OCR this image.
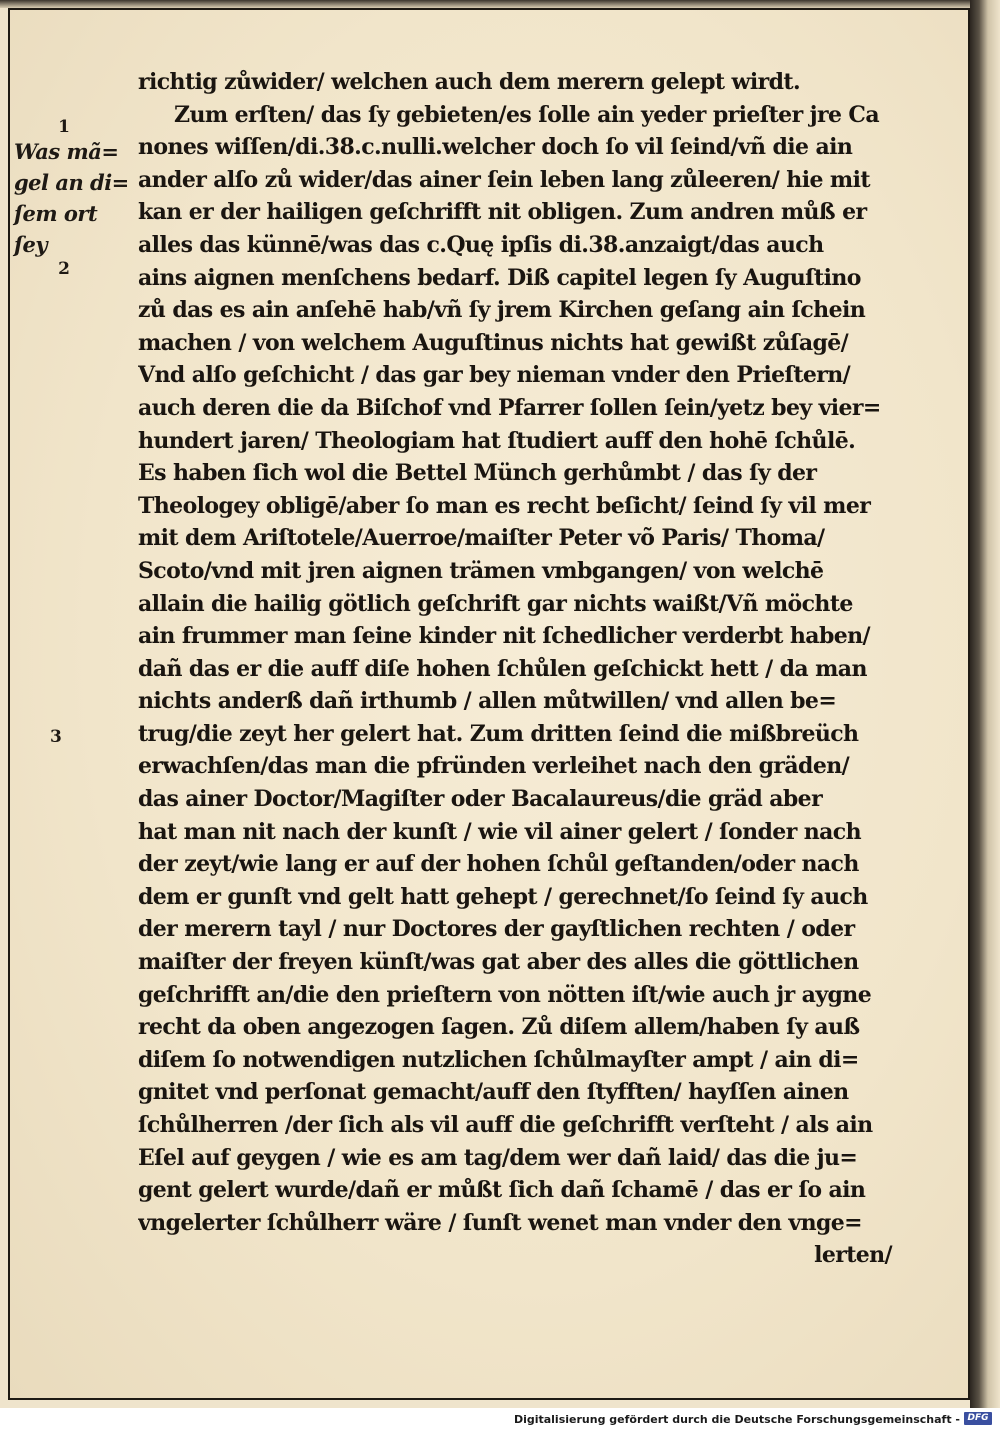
1
Was mã=
gel an di=
ſem ort ſey
2
3
richtig zůwider/ welchen auch dem merern gelept wirdt.
Zum erſten/ das ſy gebieten/es ſolle ain yeder prieſter jre Ca
nones wiſſen/di.38.c.nulli.welcher doch ſo vil ſeind/vñ die ain
ander alſo zů wider/das ainer ſein leben lang zůleeren/ hie mit
kan er der hailigen geſchrifft nit obligen. Zum andren můß er
alles das künnē/was das c.Quę ipſis di.38.anzaigt/das auch
ains aignen menſchens bedarf. Diß capitel legen ſy Auguſtino
zů das es ain anſehē hab/vñ ſy jrem Kirchen geſang ain ſchein
machen / von welchem Auguſtinus nichts hat gewißt zůſagē/
Vnd alſo geſchicht / das gar bey nieman vnder den Prieſtern/
auch deren die da Biſchof vnd Pfarrer ſollen ſein/yetz bey vier=
hundert jaren/ Theologiam hat ſtudiert auff den hohē ſchůlē.
Es haben ſich wol die Bettel Münch gerhůmbt / das ſy der
Theologey obligē/aber ſo man es recht beſicht/ ſeind ſy vil mer
mit dem Ariſtotele/Auerroe/maiſter Peter võ Paris/ Thoma/
Scoto/vnd mit jren aignen trämen vmbgangen/ von welchē
allain die hailig götlich geſchrift gar nichts waißt/Vñ möchte
ain frummer man ſeine kinder nit ſchedlicher verderbt haben/
dañ das er die auff diſe hohen ſchůlen geſchickt hett / da man
nichts anderß dañ irthumb / allen můtwillen/ vnd allen be=
trug/die zeyt her gelert hat. Zum dritten ſeind die mißbreüch
erwachſen/das man die pfründen verleihet nach den gräden/
das ainer Doctor/Magiſter oder Bacalaureus/die gräd aber
hat man nit nach der kunſt / wie vil ainer gelert / ſonder nach
der zeyt/wie lang er auf der hohen ſchůl geſtanden/oder nach
dem er gunſt vnd gelt hatt gehept / gerechnet/ſo ſeind ſy auch
der merern tayl / nur Doctores der gayſtlichen rechten / oder
maiſter der freyen künſt/was gat aber des alles die göttlichen
geſchrifft an/die den prieſtern von nötten iſt/wie auch jr aygne
recht da oben angezogen ſagen. Zů diſem allem/haben ſy auß
diſem ſo notwendigen nutzlichen ſchůlmayſter ampt / ain di=
gnitet vnd perſonat gemacht/auff den ſtyfften/ hayſſen ainen
ſchůlherren /der ſich als vil auff die geſchrifft verſteht / als ain
Eſel auf geygen / wie es am tag/dem wer dañ laid/ das die ju=
gent gelert wurde/dañ er můßt ſich dañ ſchamē / das er ſo ain
vngelerter ſchůlherr wäre / ſunſt wenet man vnder den vnge=
lerten/
Digitalisierung gefördert durch die Deutsche Forschungsgemeinschaft - DFG
